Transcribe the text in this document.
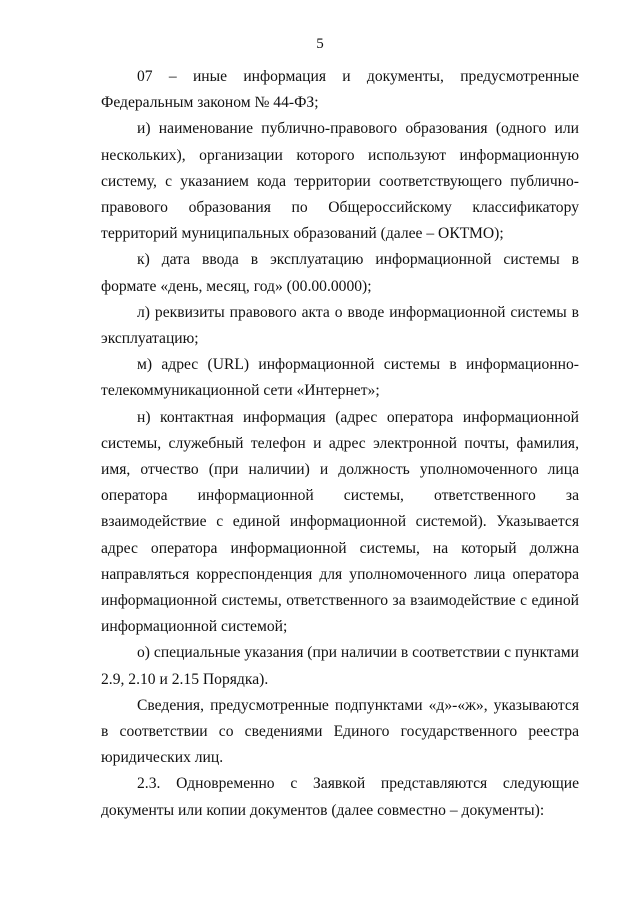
5

07 – иные информация и документы, предусмотренные Федеральным законом № 44-ФЗ;

и) наименование публично-правового образования (одного или нескольких), организации которого используют информационную систему, с указанием кода территории соответствующего публично-правового образования по Общероссийскому классификатору территорий муниципальных образований (далее – ОКТМО);

к) дата ввода в эксплуатацию информационной системы в формате «день, месяц, год» (00.00.0000);

л) реквизиты правового акта о вводе информационной системы в эксплуатацию;

м) адрес (URL) информационной системы в информационно-телекоммуникационной сети «Интернет»;

н) контактная информация (адрес оператора информационной системы, служебный телефон и адрес электронной почты, фамилия, имя, отчество (при наличии) и должность уполномоченного лица оператора информационной системы, ответственного за взаимодействие с единой информационной системой). Указывается адрес оператора информационной системы, на который должна направляться корреспонденция для уполномоченного лица оператора информационной системы, ответственного за взаимодействие с единой информационной системой;

о) специальные указания (при наличии в соответствии с пунктами 2.9, 2.10 и 2.15 Порядка).

Сведения, предусмотренные подпунктами «д»-«ж», указываются в соответствии со сведениями Единого государственного реестра юридических лиц.

2.3. Одновременно с Заявкой представляются следующие документы или копии документов (далее совместно – документы):
